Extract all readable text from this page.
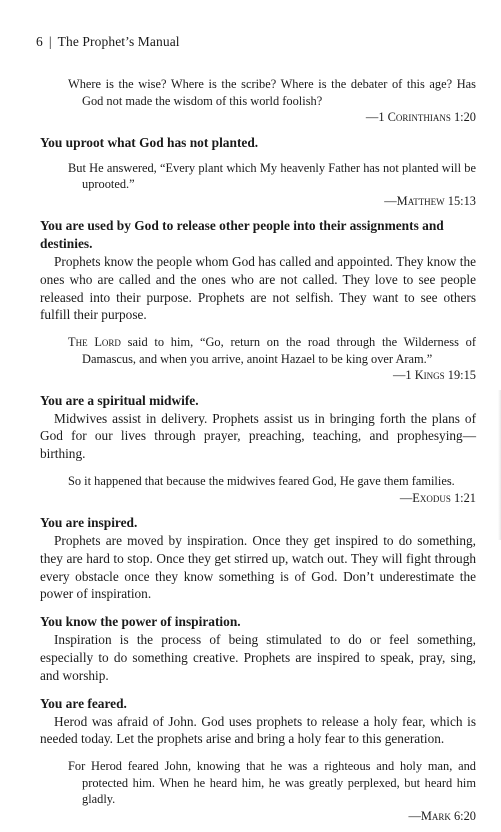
6 | The Prophet’s Manual

Where is the wise? Where is the scribe? Where is the debater of this age? Has God not made the wisdom of this world foolish?

—1 Corinthians 1:20

You uproot what God has not planted.

But He answered, “Every plant which My heavenly Father has not planted will be uprooted.”

—Matthew 15:13

You are used by God to release other people into their assignments and destinies.

Prophets know the people whom God has called and appointed. They know the ones who are called and the ones who are not called. They love to see people released into their purpose. Prophets are not selfish. They want to see others fulfill their purpose.

The Lord said to him, “Go, return on the road through the Wilderness of Damascus, and when you arrive, anoint Hazael to be king over Aram.”

—1 Kings 19:15

You are a spiritual midwife.

Midwives assist in delivery. Prophets assist us in bringing forth the plans of God for our lives through prayer, preaching, teaching, and prophesying—birthing.

So it happened that because the midwives feared God, He gave them families.

—Exodus 1:21

You are inspired.

Prophets are moved by inspiration. Once they get inspired to do something, they are hard to stop. Once they get stirred up, watch out. They will fight through every obstacle once they know something is of God. Don’t underestimate the power of inspiration.

You know the power of inspiration.

Inspiration is the process of being stimulated to do or feel something, especially to do something creative. Prophets are inspired to speak, pray, sing, and worship.

You are feared.

Herod was afraid of John. God uses prophets to release a holy fear, which is needed today. Let the prophets arise and bring a holy fear to this generation.

For Herod feared John, knowing that he was a righteous and holy man, and protected him. When he heard him, he was greatly perplexed, but heard him gladly.

—Mark 6:20
